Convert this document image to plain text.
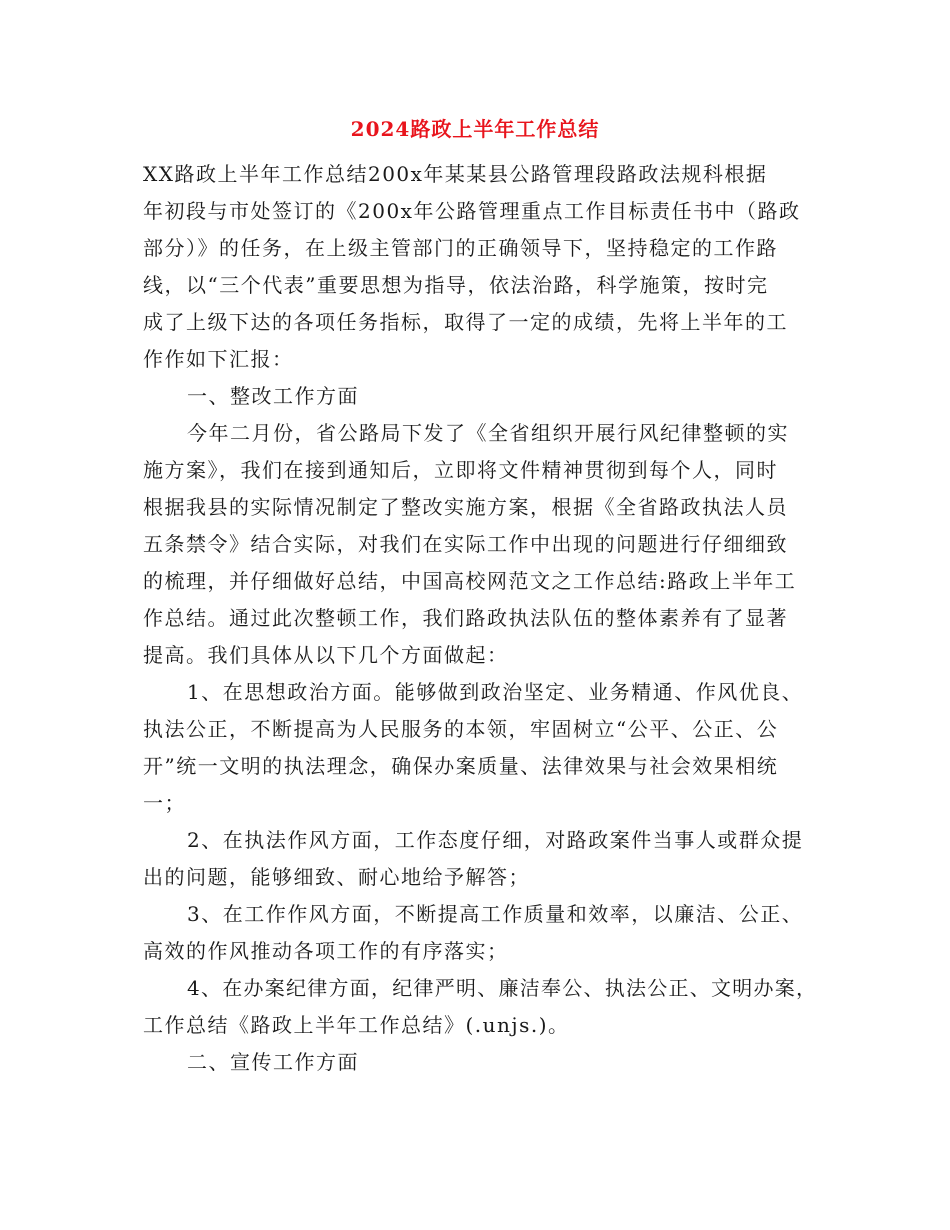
2024路政上半年工作总结
XX路政上半年工作总结200x年某某县公路管理段路政法规科根据
年初段与市处签订的《200x年公路管理重点工作目标责任书中（路政
部分）》的任务，在上级主管部门的正确领导下，坚持稳定的工作路
线，以“三个代表”重要思想为指导，依法治路，科学施策，按时完
成了上级下达的各项任务指标，取得了一定的成绩，先将上半年的工
作作如下汇报：
一、整改工作方面
今年二月份，省公路局下发了《全省组织开展行风纪律整顿的实
施方案》，我们在接到通知后，立即将文件精神贯彻到每个人，同时
根据我县的实际情况制定了整改实施方案，根据《全省路政执法人员
五条禁令》结合实际，对我们在实际工作中出现的问题进行仔细细致
的梳理，并仔细做好总结，中国高校网范文之工作总结:路政上半年工
作总结。通过此次整顿工作，我们路政执法队伍的整体素养有了显著
提高。我们具体从以下几个方面做起：
1、在思想政治方面。能够做到政治坚定、业务精通、作风优良、
执法公正，不断提高为人民服务的本领，牢固树立“公平、公正、公
开”统一文明的执法理念，确保办案质量、法律效果与社会效果相统
一；
2、在执法作风方面，工作态度仔细，对路政案件当事人或群众提
出的问题，能够细致、耐心地给予解答；
3、在工作作风方面，不断提高工作质量和效率，以廉洁、公正、
高效的作风推动各项工作的有序落实；
4、在办案纪律方面，纪律严明、廉洁奉公、执法公正、文明办案，
工作总结《路政上半年工作总结》(.unjs.)。
二、宣传工作方面
